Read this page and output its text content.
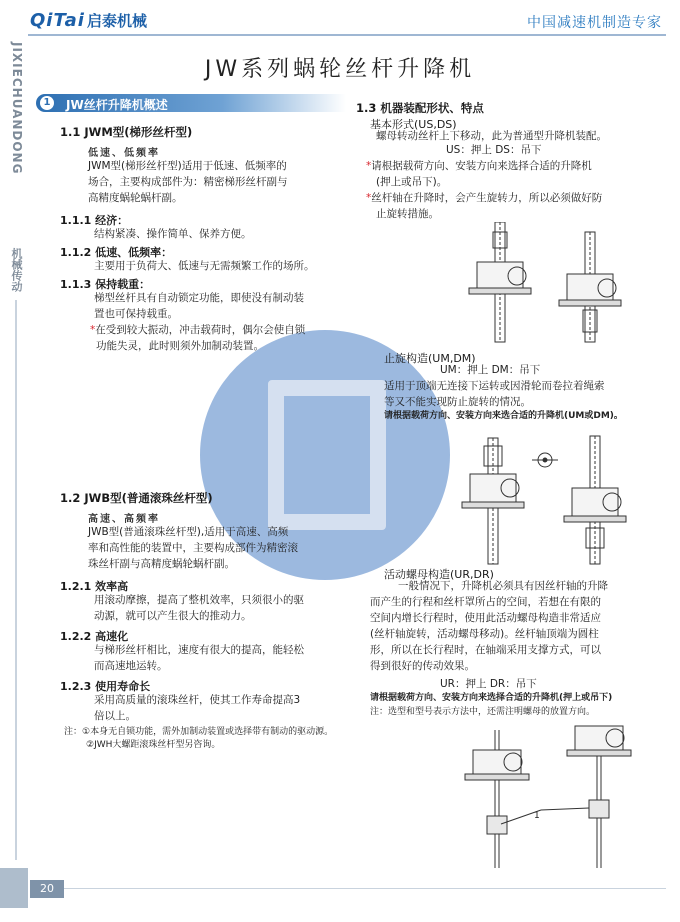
QiTai 启泰机械	中国减速机制造专家
JIXIECHUANDONG
机械传动
20
JW系列蜗轮丝杆升降机
1 JW丝杆升降机概述
1.1 JWM型(梯形丝杆型)
低速、低频率
JWM型(梯形丝杆型)适用于低速、低频率的
场合，主要构成部件为：精密梯形丝杆副与
高精度蜗轮蜗杆副。
1.1.1 经济：
结构紧凑、操作简单、保养方便。
1.1.2 低速、低频率：
主要用于负荷大、低速与无需频繁工作的场所。
1.1.3 保持载重：
梯型丝杆具有自动锁定功能，即使没有制动装
置也可保持载重。
*在受到较大振动，冲击载荷时，偶尔会使自锁
功能失灵，此时则须外加制动装置。
1.2 JWB型(普通滚珠丝杆型)
高速、高频率
JWB型(普通滚珠丝杆型),适用于高速、高频
率和高性能的装置中，主要构成部件为精密滚
珠丝杆副与高精度蜗轮蜗杆副。
1.2.1 效率高
用滚动摩擦，提高了整机效率，只须很小的驱
动源，就可以产生很大的推动力。
1.2.2 高速化
与梯形丝杆相比，速度有很大的提高，能轻松
而高速地运转。
1.2.3 使用寿命长
采用高质量的滚珠丝杆，使其工作寿命提高3
倍以上。
注：①本身无自锁功能，需外加制动装置或选择带有制动的驱动源。
②JWH大螺距滚珠丝杆型另咨询。
1.3 机器装配形状、特点
基本形式(US,DS)
螺母转动丝杆上下移动，此为普通型升降机装配。
US：押上 DS：吊下
*请根据载荷方向、安装方向来选择合适的升降机
(押上或吊下)。
*丝杆轴在升降时，会产生旋转力，所以必须做好防
止旋转措施。
止旋构造(UM,DM)
UM：押上 DM：吊下
适用于顶端无连接下运转或因滑轮而卷拉着绳索
等又不能实现防止旋转的情况。
请根据载荷方向、安装方向来选合适的升降机(UM或DM)。
活动螺母构造(UR,DR)
一般情况下，升降机必须具有因丝杆轴的升降
而产生的行程和丝杆罩所占的空间，若想在有限的
空间内增长行程时，使用此活动螺母构造非常适应
(丝杆轴旋转，活动螺母移动)。丝杆轴顶端为圆柱
形，所以在长行程时，在轴端采用支撑方式，可以
得到很好的传动效果。
UR：押上 DR：吊下
请根据载荷方向、安装方向来选择合适的升降机(押上或吊下)
注：选型和型号表示方法中，还需注明螺母的放置方向。
1
